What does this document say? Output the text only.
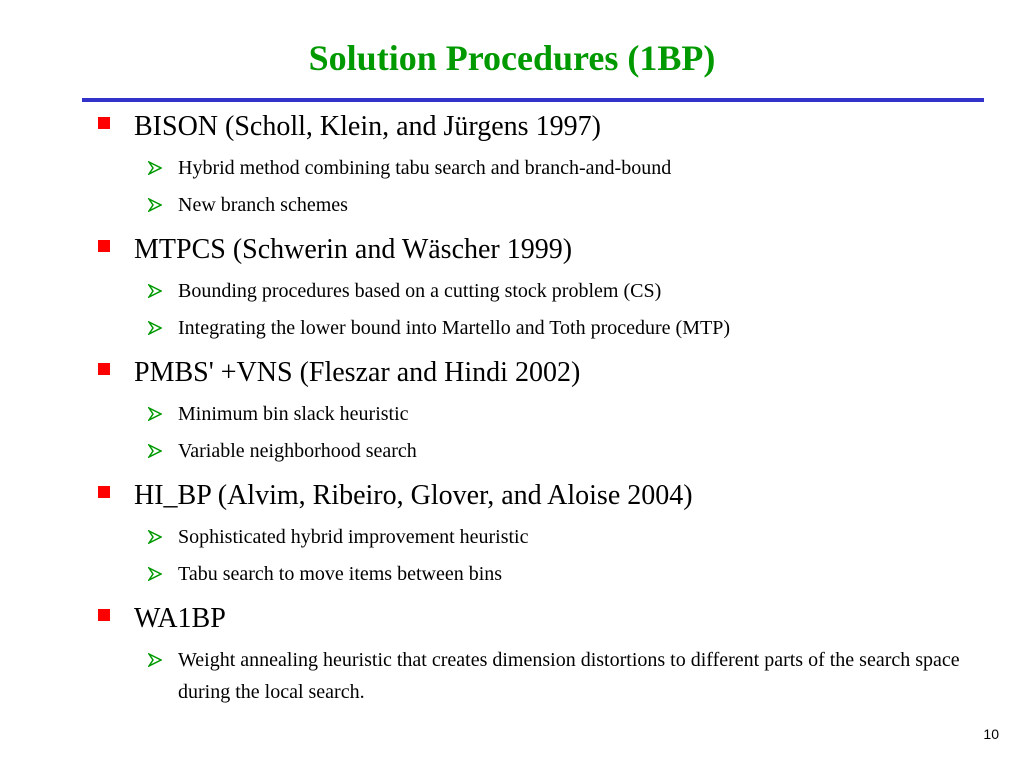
Solution Procedures (1BP)
BISON (Scholl, Klein, and Jürgens 1997)
Hybrid method combining tabu search and branch-and-bound
New branch schemes
MTPCS (Schwerin and Wäscher 1999)
Bounding procedures based on a cutting stock problem (CS)
Integrating the lower bound into Martello and Toth procedure (MTP)
PMBS' +VNS (Fleszar and Hindi 2002)
Minimum bin slack heuristic
Variable neighborhood search
HI_BP (Alvim, Ribeiro, Glover, and Aloise 2004)
Sophisticated hybrid improvement heuristic
Tabu search to move items between bins
WA1BP
Weight annealing heuristic that creates dimension distortions to different parts of the search space during the local search.
10
